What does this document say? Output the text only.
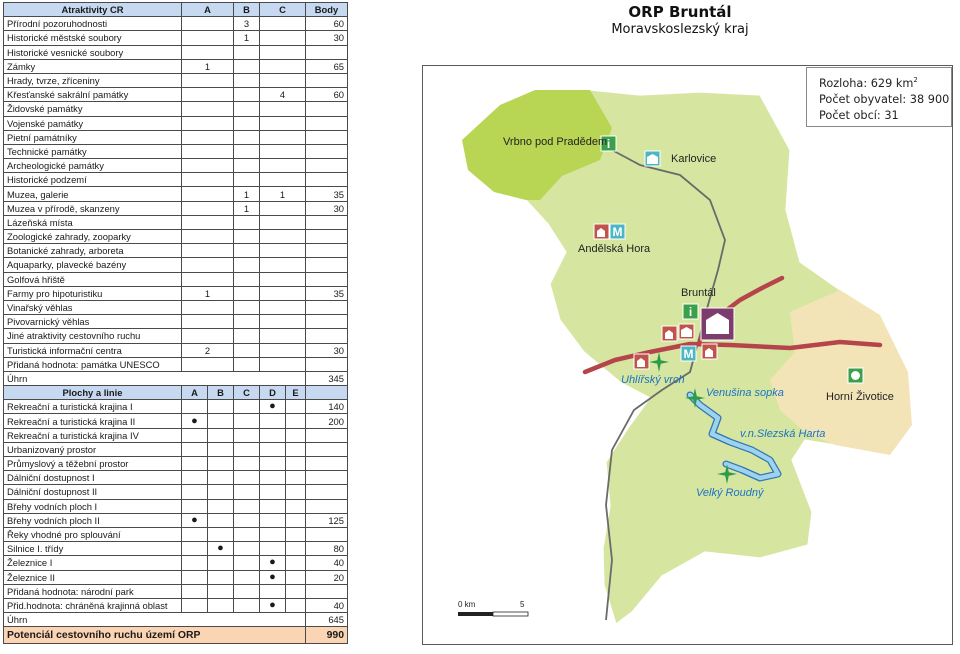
Atraktivity CR	A		B	C		Body
Přírodní pozoruhodnosti			3			60
Historické městské soubory			1			30
Historické vesnické soubory						
Zámky	1					65
Hrady, tvrze, zříceniny						
Křesťanské sakrální památky				4		60
Židovské památky						
Vojenské památky						
Pietní památníky						
Technické památky						
Archeologické památky						
Historické podzemí						
Muzea, galerie			1	1		35
Muzea v přírodě, skanzeny			1			30
Lázeňská místa						
Zoologické zahrady, zooparky						
Botanické zahrady, arboreta						
Aquaparky, plavecké bazény						
Golfová hřiště						
Farmy pro hipoturistiku	1					35
Vinařský věhlas						
Pivovarnický věhlas						
Jiné atraktivity cestovního ruchu						
Turistická informační centra	2					30
Přidaná hodnota: památka UNESCO						
Úhrn						345
Plochy a linie	A	B	C	D	E	
Rekreační a turistická krajina I				●		140
Rekreační a turistická krajina II	●					200
Rekreační a turistická krajina IV						
Urbanizovaný prostor						
Průmyslový a těžební prostor						
Dálniční dostupnost I						
Dálniční dostupnost II						
Břehy vodních ploch I						
Břehy vodních ploch II	●					125
Řeky vhodné pro splouvání						
Silnice I. třídy		●				80
Železnice I				●		40
Železnice II				●		20
Přidaná hodnota: národní park						
Přid.hodnota: chráněná krajinná oblast				●		40
Úhrn						645
Potenciál cestovního ruchu území ORP						990
ORP Bruntál
Moravskoslezský kraj
i
M
i
M
Rozloha: 629 $km^2$
Počet obyvatel: 38 900
Počet obcí: 31
Vrbno pod Pradědem
Karlovice
Andělská Hora
Bruntál
Uhlířský vrch
Venušina sopka
v.n.Slezská Harta
Velký Roudný
Horní Životice
0 km	5
